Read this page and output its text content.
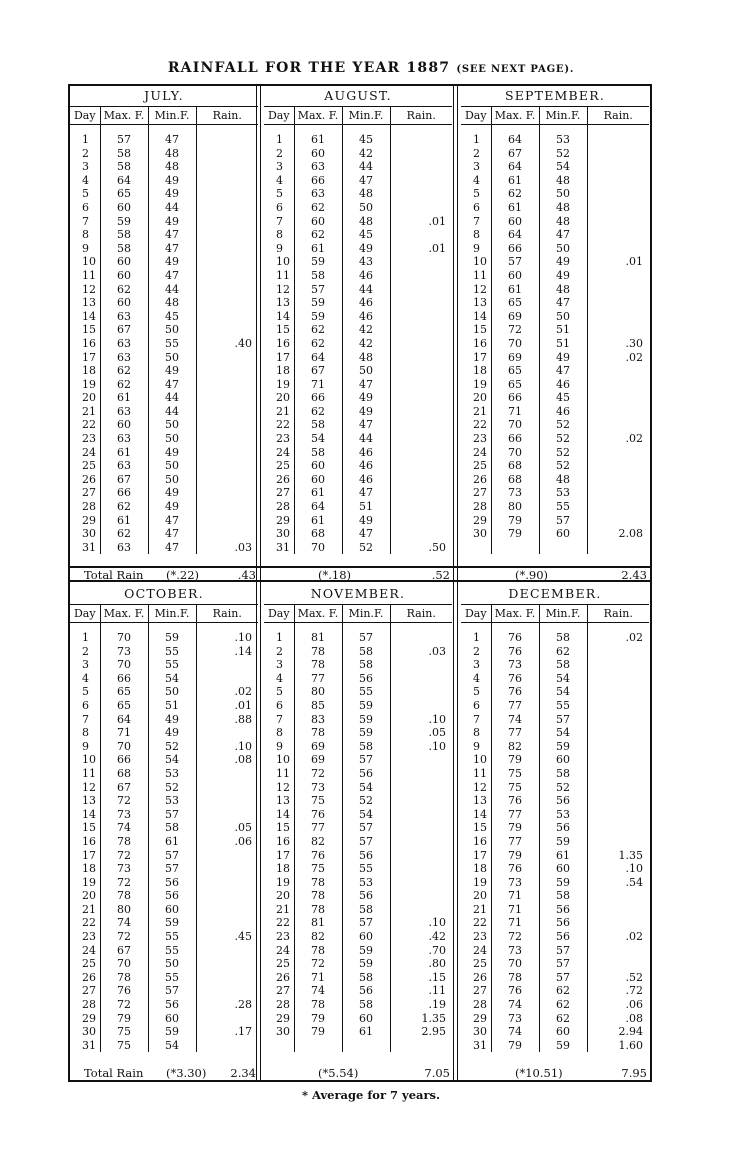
RAINFALL FOR THE YEAR 1887 (SEE NEXT PAGE).
JULY.
Day	Max. F.	Min.F.	Rain.

1	57	47	
2	58	48	
3	58	48	
4	64	49	
5	65	49	
6	60	44	
7	59	49	
8	58	47	
9	58	47	
10	60	49	
11	60	47	
12	62	44	
13	60	48	
14	63	45	
15	67	50	
16	63	55	.40
17	63	50	
18	62	49	
19	62	47	
20	61	44	
21	63	44	
22	60	50	
23	63	50	
24	61	49	
25	63	50	
26	67	50	
27	66	49	
28	62	49	
29	61	47	
30	62	47	
31	63	47	.03
Total Rain (*.22)	.43
AUGUST.
Day	Max. F.	Min.F.	Rain.

1	61	45	
2	60	42	
3	63	44	
4	66	47	
5	63	48	
6	62	50	
7	60	48	.01
8	62	45	
9	61	49	.01
10	59	43	
11	58	46	
12	57	44	
13	59	46	
14	59	46	
15	62	42	
16	62	42	
17	64	48	
18	67	50	
19	71	47	
20	66	49	
21	62	49	
22	58	47	
23	54	44	
24	58	46	
25	60	46	
26	60	46	
27	61	47	
28	64	51	
29	61	49	
30	68	47	
31	70	52	.50
(*.18)	.52
SEPTEMBER.
Day	Max. F.	Min.F.	Rain.

1	64	53	
2	67	52	
3	64	54	
4	61	48	
5	62	50	
6	61	48	
7	60	48	
8	64	47	
9	66	50	
10	57	49	.01
11	60	49	
12	61	48	
13	65	47	
14	69	50	
15	72	51	
16	70	51	.30
17	69	49	.02
18	65	47	
19	65	46	
20	66	45	
21	71	46	
22	70	52	
23	66	52	.02
24	70	52	
25	68	52	
26	68	48	
27	73	53	
28	80	55	
29	79	57	
30	79	60	2.08

(*.90)	2.43
OCTOBER.
Day	Max. F.	Min.F.	Rain.

1	70	59	.10
2	73	55	.14
3	70	55	
4	66	54	
5	65	50	.02
6	65	51	.01
7	64	49	.88
8	71	49	
9	70	52	.10
10	66	54	.08
11	68	53	
12	67	52	
13	72	53	
14	73	57	
15	74	58	.05
16	78	61	.06
17	72	57	
18	73	57	
19	72	56	
20	78	56	
21	80	60	
22	74	59	
23	72	55	.45
24	67	55	
25	70	50	
26	78	55	
27	76	57	
28	72	56	.28
29	79	60	
30	75	59	.17
31	75	54	
Total Rain (*3.30) 2.34
NOVEMBER.
Day	Max. F.	Min.F.	Rain.

1	81	57	
2	78	58	.03
3	78	58	
4	77	56	
5	80	55	
6	85	59	
7	83	59	.10
8	78	59	.05
9	69	58	.10
10	69	57	
11	72	56	
12	73	54	
13	75	52	
14	76	54	
15	77	57	
16	82	57	
17	76	56	
18	75	55	
19	78	53	
20	78	56	
21	78	58	
22	81	57	.10
23	82	60	.42
24	78	59	.70
25	72	59	.80
26	71	58	.15
27	74	56	.11
28	78	58	.19
29	79	60	1.35
30	79	61	2.95

(*5.54)	7.05
DECEMBER.
Day	Max. F.	Min.F.	Rain.

1	76	58	.02
2	76	62	
3	73	58	
4	76	54	
5	76	54	
6	77	55	
7	74	57	
8	77	54	
9	82	59	
10	79	60	
11	75	58	
12	75	52	
13	76	56	
14	77	53	
15	79	56	
16	77	59	
17	79	61	1.35
18	76	60	.10
19	73	59	.54
20	71	58	
21	71	56	
22	71	56	
23	72	56	.02
24	73	57	
25	70	57	
26	78	57	.52
27	76	62	.72
28	74	62	.06
29	73	62	.08
30	74	60	2.94
31	79	59	1.60
(*10.51)	7.95
* Average for 7 years.
